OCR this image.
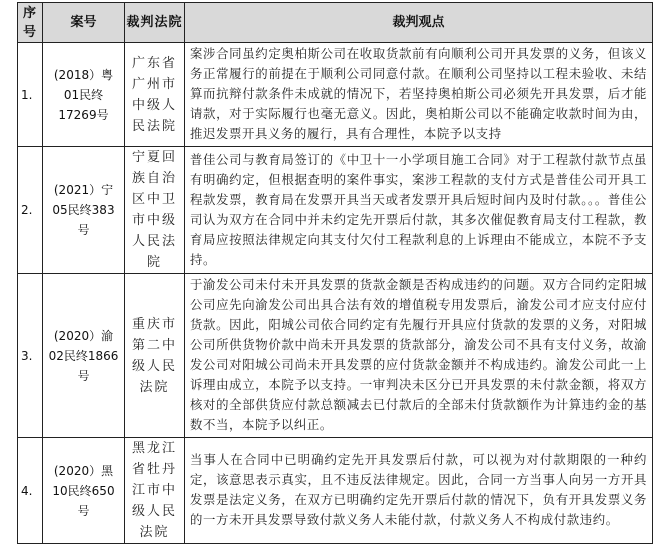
序号	案号	裁判法院	裁判观点
1.	(2018）粤01民终17269号	广东省广州市中级人民法院	案涉合同虽约定奥柏斯公司在收取货款前有向顺利公司开具发票的义务，但该义务正常履行的前提在于顺利公司同意付款。在顺利公司坚持以工程未验收、未结算而抗辩付款条件未成就的情况下，若坚持奥柏斯公司必须先开具发票，后才能请款，对于实际履行也毫无意义。因此，奥柏斯公司以不能确定收款时间为由，推迟发票开具义务的履行，具有合理性，本院予以支持
2.	(2021）宁05民终383号	宁夏回族自治区中卫市中级人民法院	普佳公司与教育局签订的《中卫十一小学项目施工合同》对于工程款付款节点虽有明确约定，但根据查明的案件事实，案涉工程款的支付方式是普佳公司开具工程款发票，教育局在发票开具当天或者发票开具后短时间内及时付款。。。普佳公司认为双方在合同中并未约定先开票后付款，其多次催促教育局支付工程款，教育局应按照法律规定向其支付欠付工程款利息的上诉理由不能成立，本院不予支持。
3.	(2020）渝02民终1866号	重庆市第二中级人民法院	于渝发公司未付未开具发票的货款金额是否构成违约的问题。双方合同约定阳城公司应先向渝发公司出具合法有效的增值税专用发票后，渝发公司才应支付应付货款。因此，阳城公司依合同约定有先履行开具应付货款的发票的义务，对阳城公司所供货物价款中尚未开具发票的货款部分，渝发公司不具有支付义务，故渝发公司对阳城公司尚未开具发票的应付货款金额并不构成违约。渝发公司此一上诉理由成立，本院予以支持。一审判决未区分已开具发票的未付款金额，将双方核对的全部供货应付款总额减去已付款后的全部未付货款额作为计算违约金的基数不当，本院予以纠正。
4.	(2020）黑10民终650号	黑龙江省牡丹江市中级人民法院	当事人在合同中已明确约定先开具发票后付款，可以视为对付款期限的一种约定，该意思表示真实，且不违反法律规定。因此，合同一方当事人向另一方开具发票是法定义务，在双方已明确约定先开票后付款的情况下，负有开具发票义务的一方未开具发票导致付款义务人未能付款，付款义务人不构成付款违约。
